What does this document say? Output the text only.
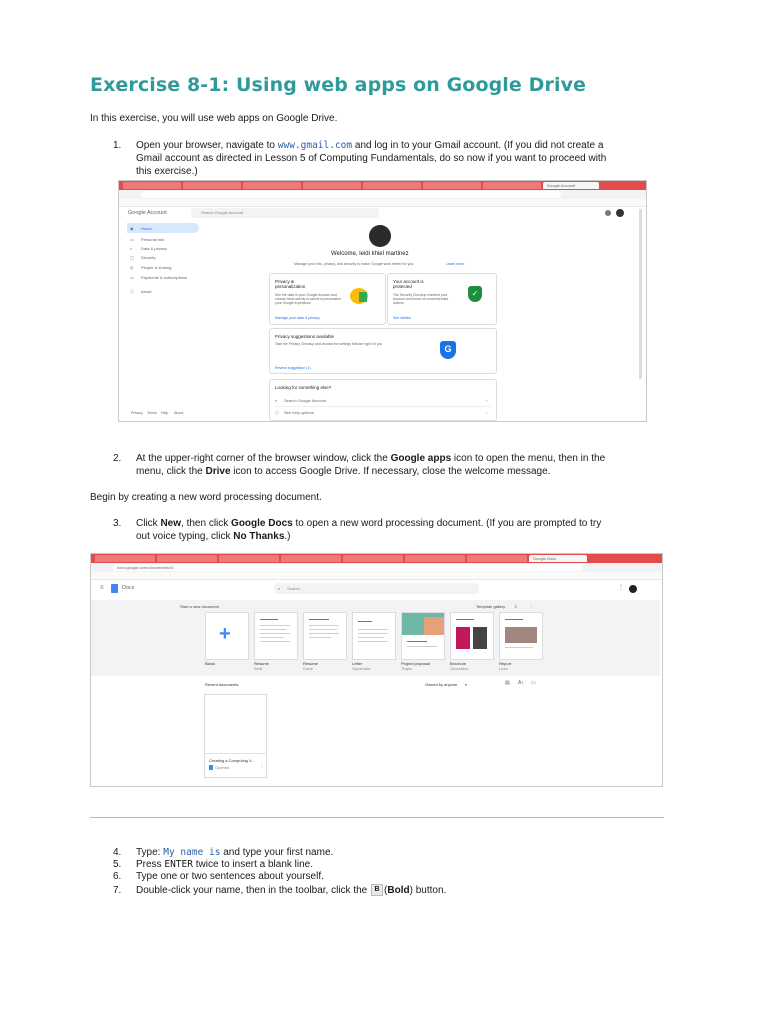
Exercise 8-1: Using web apps on Google Drive
In this exercise, you will use web apps on Google Drive.
1. Open your browser, navigate to www.gmail.com and log in to your Gmail account. (If you did not create a
Gmail account as directed in Lesson 5 of Computing Fundamentals, do so now if you want to proceed with
this exercise.)
Google Account
Google Account	Search Google Account
◉ Home
▭ Personal info
◐ Data & privacy
▢ Security
◎ People & sharing
▭ Payments & subscriptions
ⓘ About
Welcome, leidi khiel martinez
Manage your info, privacy, and security to make Google work better for you.	Learn more
Privacy & personalization
See the data in your Google Account and choose what activity is saved to personalize your Google experience
Manage your data & privacy
Your account is protected
The Security Checkup checked your account and found no recommended actions
✓
See details
Privacy suggestions available
Take the Privacy Checkup and choose the settings that are right for you	G
Review suggestion (1)
Looking for something else?
⌕ Search Google Account	›
ⓘ See help options	›
Privacy Terms Help About
2. At the upper-right corner of the browser window, click the Google apps icon to open the menu, then in the
menu, click the Drive icon to access Google Drive. If necessary, close the welcome message.
Begin by creating a new word processing document.
3. Click New, then click Google Docs to open a new word processing document. (If you are prompted to try
out voice typing, click No Thanks.)
Google Docs
docs.google.com/document/u/0/
≡	Docs	⌕ Search	⋮
Start a new document	Template gallery ⇕	⋮
+
Blank	Resume
Serif
Resume
Coral
Letter
Spearmint
Project proposal
Tropic
Brochure
Geometric
Report
Luxe
Recent documents	Owned by anyone ▾	▤ A↕ ▭
Creating a Computing V...
Opened	⋮
4. Type: My name is and type your first name.
5. Press ENTER twice to insert a blank line.
6. Type one or two sentences about yourself.
7. Double-click your name, then in the toolbar, click the B (Bold) button.
